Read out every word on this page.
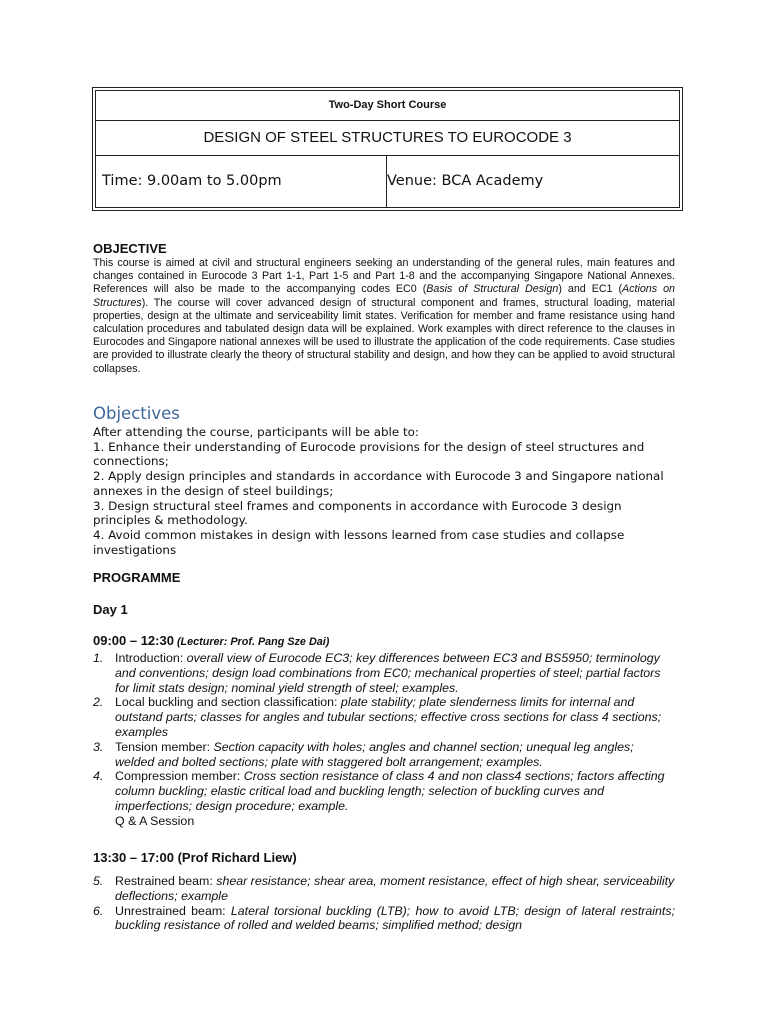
Two-Day Short Course
DESIGN OF STEEL STRUCTURES TO EUROCODE 3
Time: 9.00am to 5.00pm	Venue: BCA Academy
OBJECTIVE
This course is aimed at civil and structural engineers seeking an understanding of the general rules, main features and changes contained in Eurocode 3 Part 1-1, Part 1-5 and Part 1-8 and the accompanying Singapore National Annexes. References will also be made to the accompanying codes EC0 (Basis of Structural Design) and EC1 (Actions on Structures). The course will cover advanced design of structural component and frames, structural loading, material properties, design at the ultimate and serviceability limit states. Verification for member and frame resistance using hand calculation procedures and tabulated design data will be explained. Work examples with direct reference to the clauses in Eurocodes and Singapore national annexes will be used to illustrate the application of the code requirements. Case studies are provided to illustrate clearly the theory of structural stability and design, and how they can be applied to avoid structural collapses.
Objectives

After attending the course, participants will be able to:

1. Enhance their understanding of Eurocode provisions for the design of steel structures and connections;

2. Apply design principles and standards in accordance with Eurocode 3 and Singapore national annexes in the design of steel buildings;

3. Design structural steel frames and components in accordance with Eurocode 3 design principles & methodology.

4. Avoid common mistakes in design with lessons learned from case studies and collapse investigations

PROGRAMME
Day 1
09:00 – 12:30 (Lecturer: Prof. Pang Sze Dai)
1. Introduction: overall view of Eurocode EC3; key differences between EC3 and BS5950; terminology and conventions; design load combinations from EC0; mechanical properties of steel; partial factors for limit stats design; nominal yield strength of steel; examples.
2. Local buckling and section classification: plate stability; plate slenderness limits for internal and outstand parts; classes for angles and tubular sections; effective cross sections for class 4 sections; examples
3. Tension member: Section capacity with holes; angles and channel section; unequal leg angles; welded and bolted sections; plate with staggered bolt arrangement; examples.
4. Compression member: Cross section resistance of class 4 and non class4 sections; factors affecting column buckling; elastic critical load and buckling length; selection of buckling curves and imperfections; design procedure; example.
Q & A Session
13:30 – 17:00 (Prof Richard Liew)
5. Restrained beam: shear resistance; shear area, moment resistance, effect of high shear, serviceability deflections; example
6. Unrestrained beam: Lateral torsional buckling (LTB); how to avoid LTB; design of lateral restraints; buckling resistance of rolled and welded beams; simplified method; design
